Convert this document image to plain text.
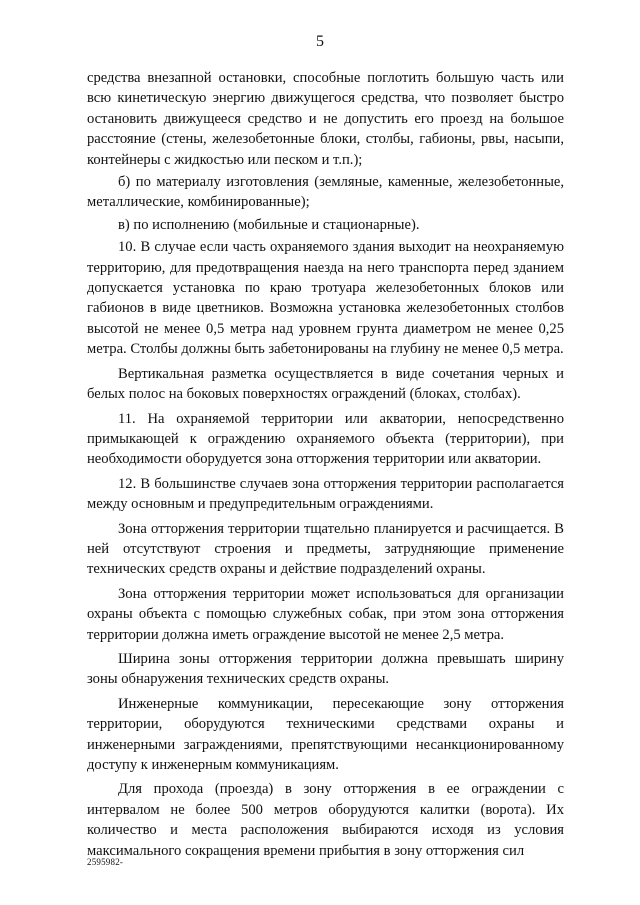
5

средства внезапной остановки, способные поглотить большую часть или всю кинетическую энергию движущегося средства, что позволяет быстро остановить движущееся средство и не допустить его проезд на большое расстояние (стены, железобетонные блоки, столбы, габионы, рвы, насыпи, контейнеры с жидкостью или песком и т.п.);

б) по материалу изготовления (земляные, каменные, железобетонные, металлические, комбинированные);

в) по исполнению (мобильные и стационарные).

10. В случае если часть охраняемого здания выходит на неохраняемую территорию, для предотвращения наезда на него транспорта перед зданием допускается установка по краю тротуара железобетонных блоков или габионов в виде цветников. Возможна установка железобетонных столбов высотой не менее 0,5 метра над уровнем грунта диаметром не менее 0,25 метра. Столбы должны быть забетонированы на глубину не менее 0,5 метра.

Вертикальная разметка осуществляется в виде сочетания черных и белых полос на боковых поверхностях ограждений (блоках, столбах).

11. На охраняемой территории или акватории, непосредственно примыкающей к ограждению охраняемого объекта (территории), при необходимости оборудуется зона отторжения территории или акватории.

12. В большинстве случаев зона отторжения территории располагается между основным и предупредительным ограждениями.

Зона отторжения территории тщательно планируется и расчищается. В ней отсутствуют строения и предметы, затрудняющие применение технических средств охраны и действие подразделений охраны.

Зона отторжения территории может использоваться для организации охраны объекта с помощью служебных собак, при этом зона отторжения территории должна иметь ограждение высотой не менее 2,5 метра.

Ширина зоны отторжения территории должна превышать ширину зоны обнаружения технических средств охраны.

Инженерные коммуникации, пересекающие зону отторжения территории, оборудуются техническими средствами охраны и инженерными заграждениями, препятствующими несанкционированному доступу к инженерным коммуникациям.

Для прохода (проезда) в зону отторжения в ее ограждении с интервалом не более 500 метров оборудуются калитки (ворота). Их количество и места расположения выбираются исходя из условия максимального сокращения времени прибытия в зону отторжения сил

2595982-
